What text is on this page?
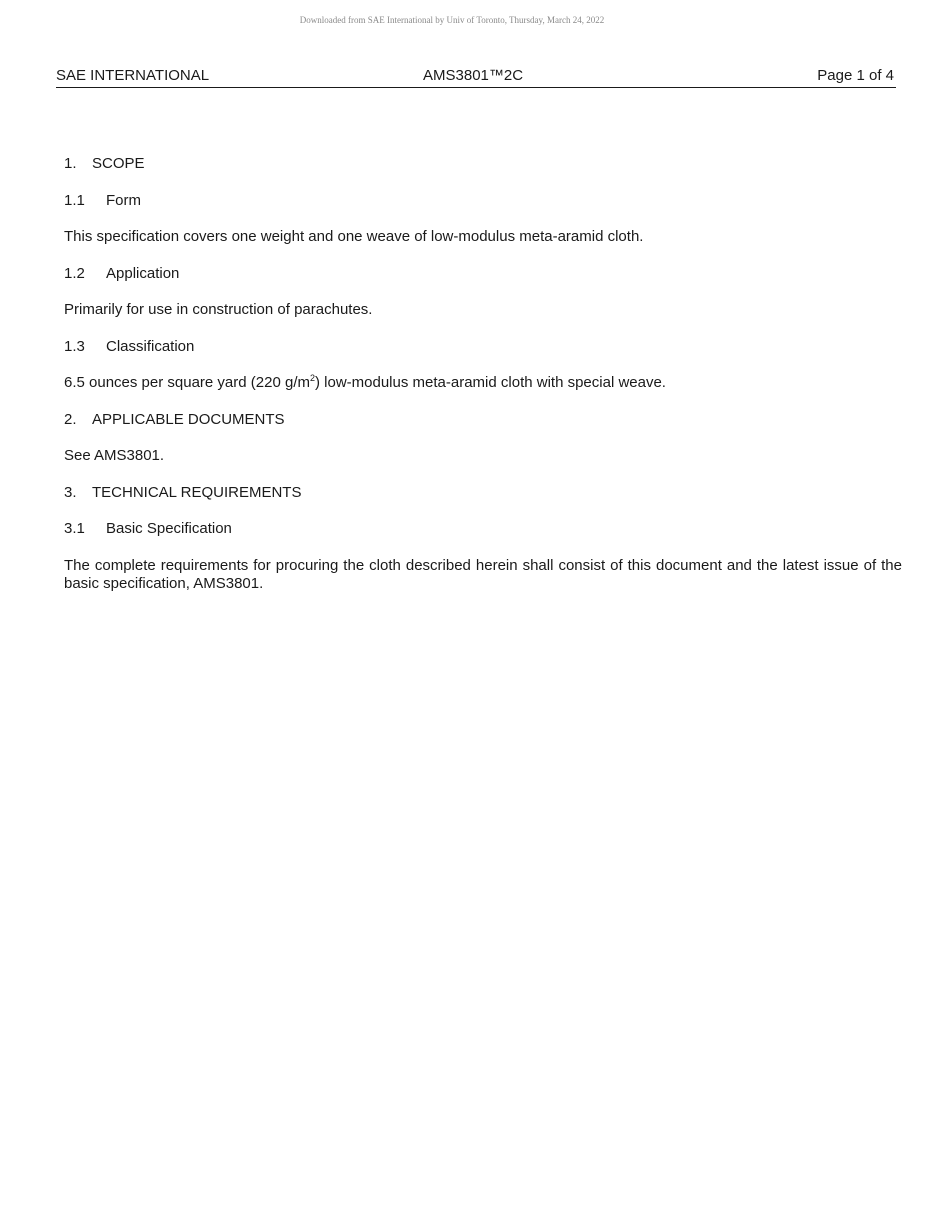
Downloaded from SAE International by Univ of Toronto, Thursday, March 24, 2022
SAE INTERNATIONAL	AMS3801™2C	Page 1 of 4
1. SCOPE
1.1 Form
This specification covers one weight and one weave of low-modulus meta-aramid cloth.
1.2 Application
Primarily for use in construction of parachutes.
1.3 Classification
6.5 ounces per square yard (220 $g/m^2$) low-modulus meta-aramid cloth with special weave.
2. APPLICABLE DOCUMENTS
See AMS3801.
3. TECHNICAL REQUIREMENTS
3.1 Basic Specification
The complete requirements for procuring the cloth described herein shall consist of this document and the latest issue of the basic specification, AMS3801.
